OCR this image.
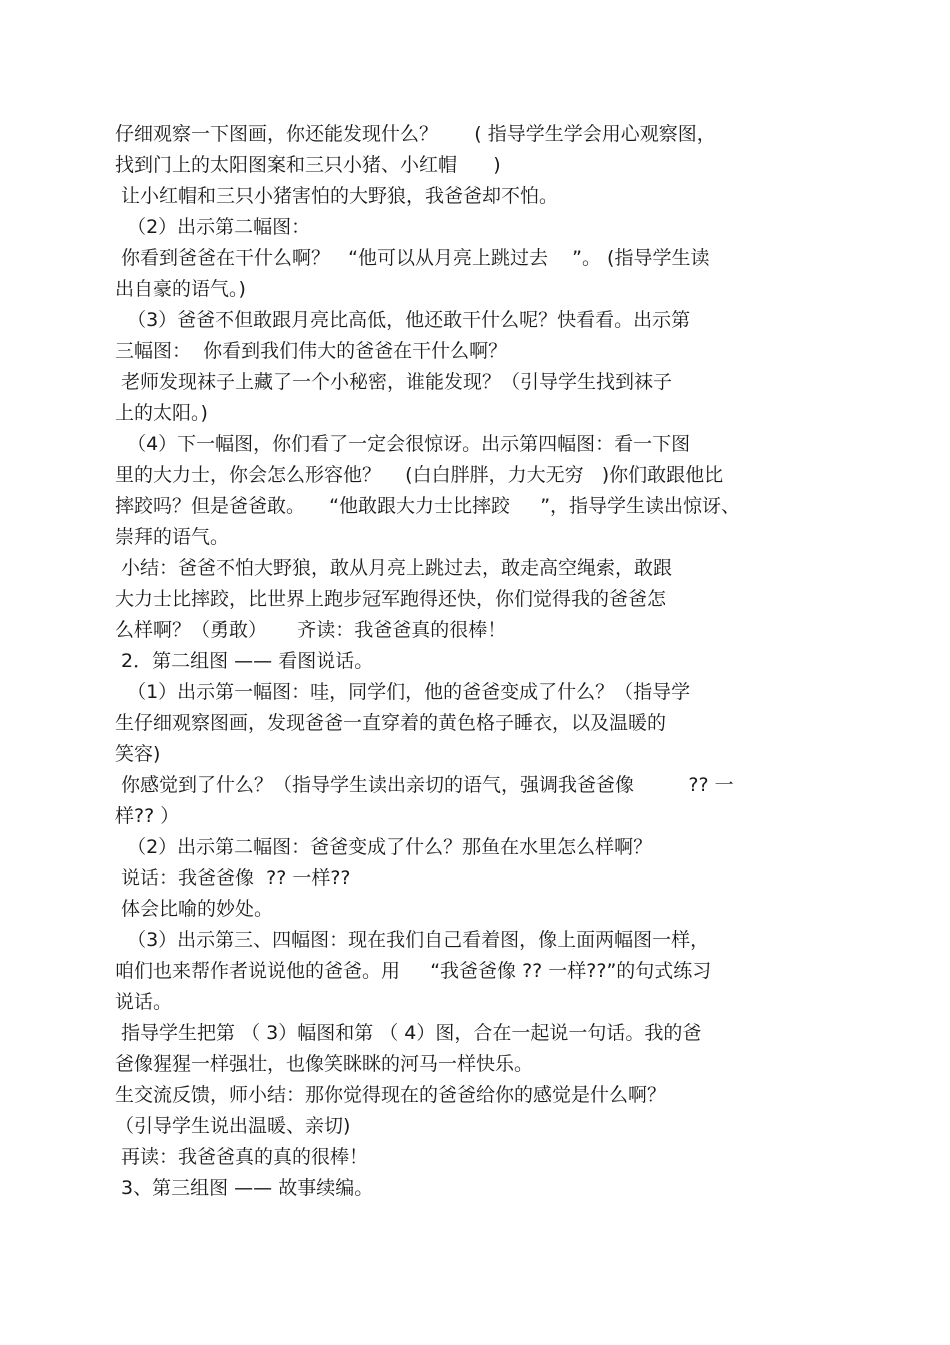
仔细观察一下图画，你还能发现什么？      ( 指导学生学会用心观察图，
找到门上的太阳图案和三只小猪、小红帽      )
让小红帽和三只小猪害怕的大野狼，我爸爸却不怕。
（2）出示第二幅图：
你看到爸爸在干什么啊？   “他可以从月亮上跳过去    ”。 (指导学生读
出自豪的语气。)
（3）爸爸不但敢跟月亮比高低，他还敢干什么呢？快看看。出示第
三幅图：  你看到我们伟大的爸爸在干什么啊？
老师发现袜子上藏了一个小秘密，谁能发现？（引导学生找到袜子
上的太阳。)
（4）下一幅图，你们看了一定会很惊讶。出示第四幅图：看一下图
里的大力士，你会怎么形容他？    (白白胖胖，力大无穷   )你们敢跟他比
摔跤吗？但是爸爸敢。    “他敢跟大力士比摔跤     ”，指导学生读出惊讶、
崇拜的语气。
小结：爸爸不怕大野狼，敢从月亮上跳过去，敢走高空绳索，敢跟
大力士比摔跤，比世界上跑步冠军跑得还快，你们觉得我的爸爸怎
么样啊？（勇敢）     齐读：我爸爸真的很棒！
2．第二组图 —— 看图说话。
（1）出示第一幅图：哇，同学们，他的爸爸变成了什么？（指导学
生仔细观察图画，发现爸爸一直穿着的黄色格子睡衣，以及温暖的
笑容)
你感觉到了什么？（指导学生读出亲切的语气，强调我爸爸像         ?? 一
样?? ）
（2）出示第二幅图：爸爸变成了什么？那鱼在水里怎么样啊？
说话：我爸爸像  ?? 一样??
体会比喻的妙处。
（3）出示第三、四幅图：现在我们自己看着图，像上面两幅图一样，
咱们也来帮作者说说他的爸爸。用     “我爸爸像 ?? 一样??”的句式练习
说话。
指导学生把第 （ 3）幅图和第 （ 4）图，合在一起说一句话。我的爸
爸像猩猩一样强壮，也像笑眯眯的河马一样快乐。
生交流反馈，师小结：那你觉得现在的爸爸给你的感觉是什么啊？
（引导学生说出温暖、亲切)
再读：我爸爸真的真的很棒！
3、第三组图 —— 故事续编。
